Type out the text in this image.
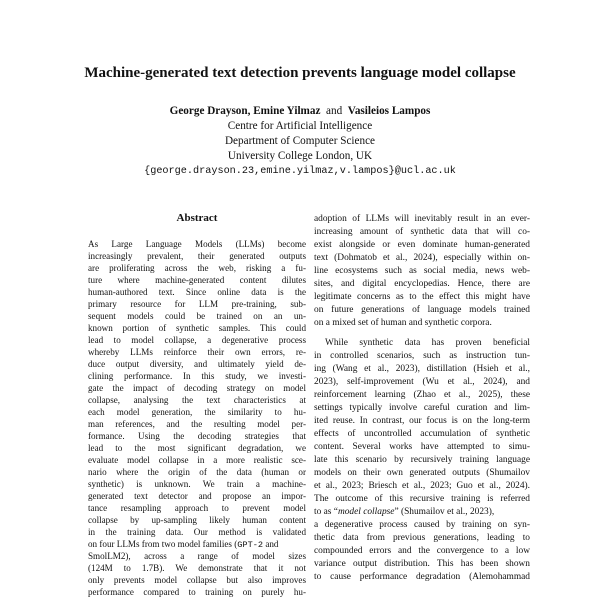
Machine-generated text detection prevents language model collapse
George Drayson, Emine Yilmaz and Vasileios Lampos
Centre for Artificial Intelligence
Department of Computer Science
University College London, UK
{george.drayson.23,emine.yilmaz,v.lampos}@ucl.ac.uk
Abstract
As Large Language Models (LLMs) become
increasingly prevalent, their generated outputs
are proliferating across the web, risking a fu-
ture where machine-generated content dilutes
human-authored text. Since online data is the
primary resource for LLM pre-training, sub-
sequent models could be trained on an un-
known portion of synthetic samples. This could
lead to model collapse, a degenerative process
whereby LLMs reinforce their own errors, re-
duce output diversity, and ultimately yield de-
clining performance. In this study, we investi-
gate the impact of decoding strategy on model
collapse, analysing the text characteristics at
each model generation, the similarity to hu-
man references, and the resulting model per-
formance. Using the decoding strategies that
lead to the most significant degradation, we
evaluate model collapse in a more realistic sce-
nario where the origin of the data (human or
synthetic) is unknown. We train a machine-
generated text detector and propose an impor-
tance resampling approach to prevent model
collapse by up-sampling likely human content
in the training data. Our method is validated
on four LLMs from two model families (GPT-2 and
SmolLM2), across a range of model sizes
(124M to 1.7B). We demonstrate that it not
only prevents model collapse but also improves
performance compared to training on purely hu-
adoption of LLMs will inevitably result in an ever-
increasing amount of synthetic data that will co-
exist alongside or even dominate human-generated
text (Dohmatob et al., 2024), especially within on-
line ecosystems such as social media, news web-
sites, and digital encyclopedias. Hence, there are
legitimate concerns as to the effect this might have
on future generations of language models trained
on a mixed set of human and synthetic corpora.
While synthetic data has proven beneficial
in controlled scenarios, such as instruction tun-
ing (Wang et al., 2023), distillation (Hsieh et al.,
2023), self-improvement (Wu et al., 2024), and
reinforcement learning (Zhao et al., 2025), these
settings typically involve careful curation and lim-
ited reuse. In contrast, our focus is on the long-term
effects of uncontrolled accumulation of synthetic
content. Several works have attempted to simu-
late this scenario by recursively training language
models on their own generated outputs (Shumailov
et al., 2023; Briesch et al., 2023; Guo et al., 2024).
The outcome of this recursive training is referred
to as “model collapse” (Shumailov et al., 2023),
a degenerative process caused by training on syn-
thetic data from previous generations, leading to
compounded errors and the convergence to a low
variance output distribution. This has been shown
to cause performance degradation (Alemohammad
